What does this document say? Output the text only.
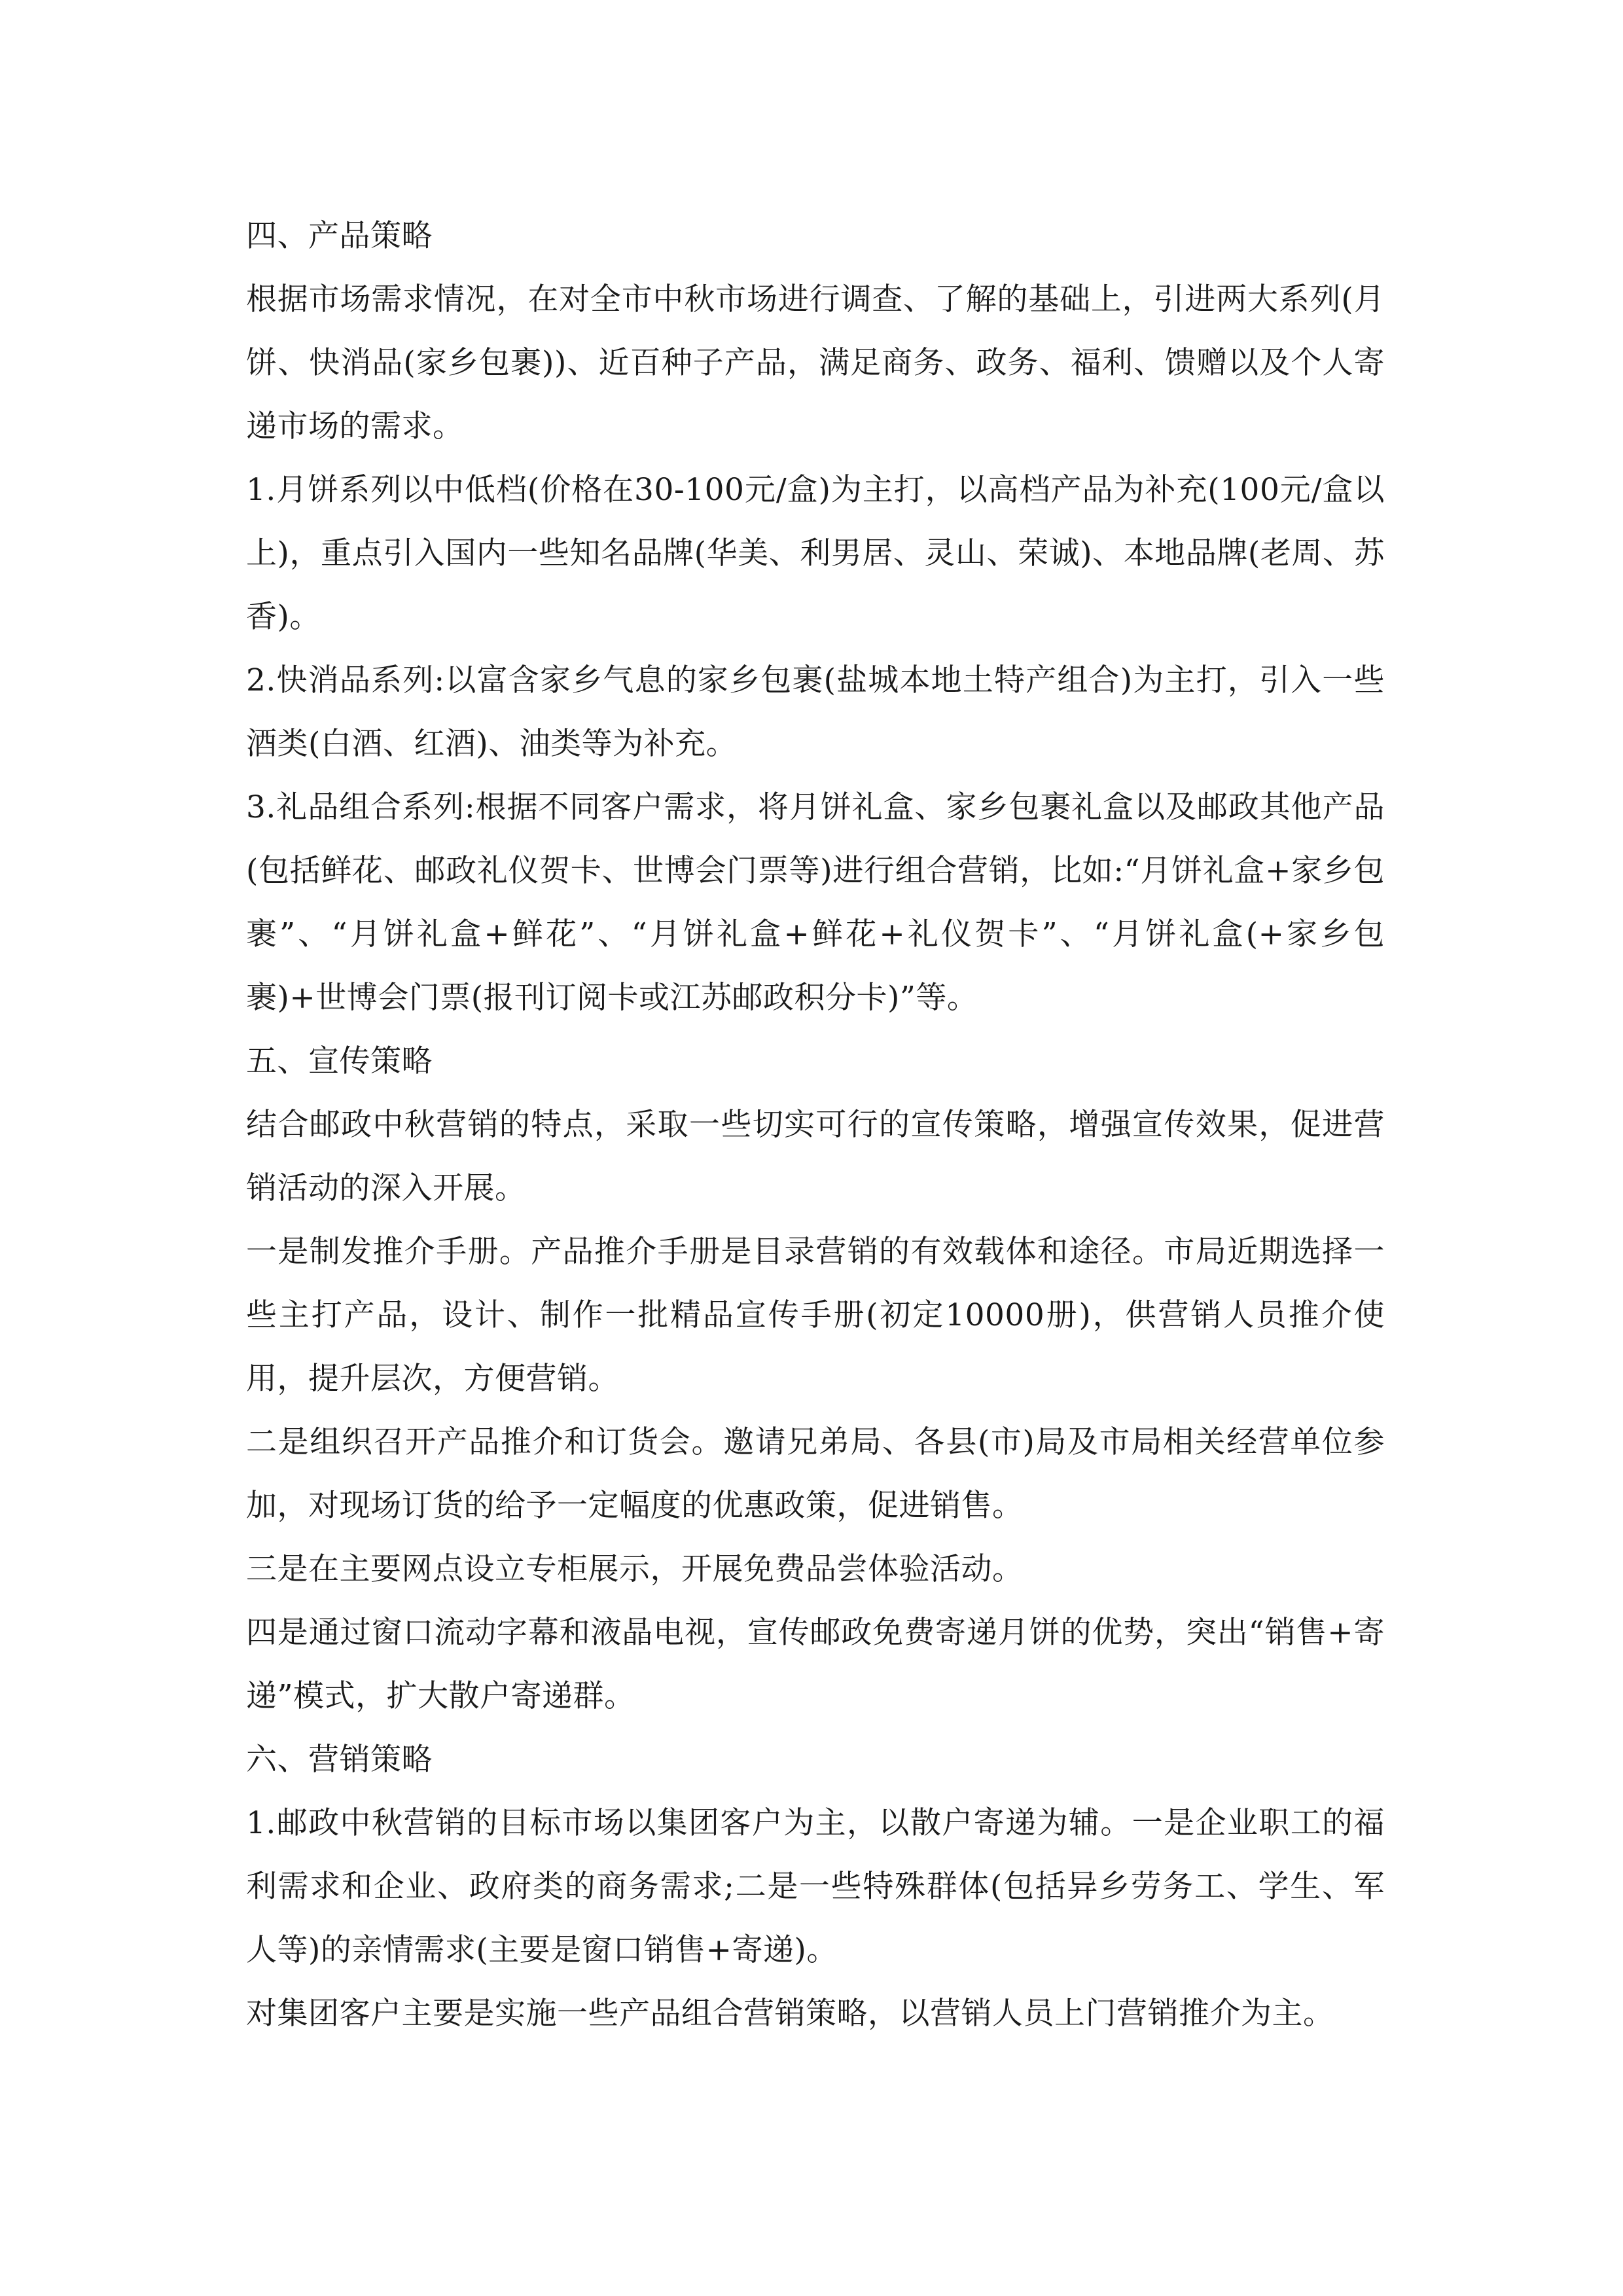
四、产品策略

根据市场需求情况，在对全市中秋市场进行调查、了解的基础上，引进两大系列(月饼、快消品(家乡包裹))、近百种子产品，满足商务、政务、福利、馈赠以及个人寄递市场的需求。

1.月饼系列以中低档(价格在30-100元/盒)为主打，以高档产品为补充(100元/盒以上)，重点引入国内一些知名品牌(华美、利男居、灵山、荣诚)、本地品牌(老周、苏香)。

2.快消品系列:以富含家乡气息的家乡包裹(盐城本地土特产组合)为主打，引入一些酒类(白酒、红酒)、油类等为补充。

3.礼品组合系列:根据不同客户需求，将月饼礼盒、家乡包裹礼盒以及邮政其他产品(包括鲜花、邮政礼仪贺卡、世博会门票等)进行组合营销，比如:“月饼礼盒+家乡包裹”、“月饼礼盒+鲜花”、“月饼礼盒+鲜花+礼仪贺卡”、“月饼礼盒(+家乡包裹)+世博会门票(报刊订阅卡或江苏邮政积分卡)”等。

五、宣传策略

结合邮政中秋营销的特点，采取一些切实可行的宣传策略，增强宣传效果，促进营销活动的深入开展。

一是制发推介手册。产品推介手册是目录营销的有效载体和途径。市局近期选择一些主打产品，设计、制作一批精品宣传手册(初定10000册)，供营销人员推介使用，提升层次，方便营销。

二是组织召开产品推介和订货会。邀请兄弟局、各县(市)局及市局相关经营单位参加，对现场订货的给予一定幅度的优惠政策，促进销售。

三是在主要网点设立专柜展示，开展免费品尝体验活动。

四是通过窗口流动字幕和液晶电视，宣传邮政免费寄递月饼的优势，突出“销售+寄递”模式，扩大散户寄递群。

六、营销策略

1.邮政中秋营销的目标市场以集团客户为主，以散户寄递为辅。一是企业职工的福利需求和企业、政府类的商务需求;二是一些特殊群体(包括异乡劳务工、学生、军人等)的亲情需求(主要是窗口销售+寄递)。

对集团客户主要是实施一些产品组合营销策略，以营销人员上门营销推介为主。
